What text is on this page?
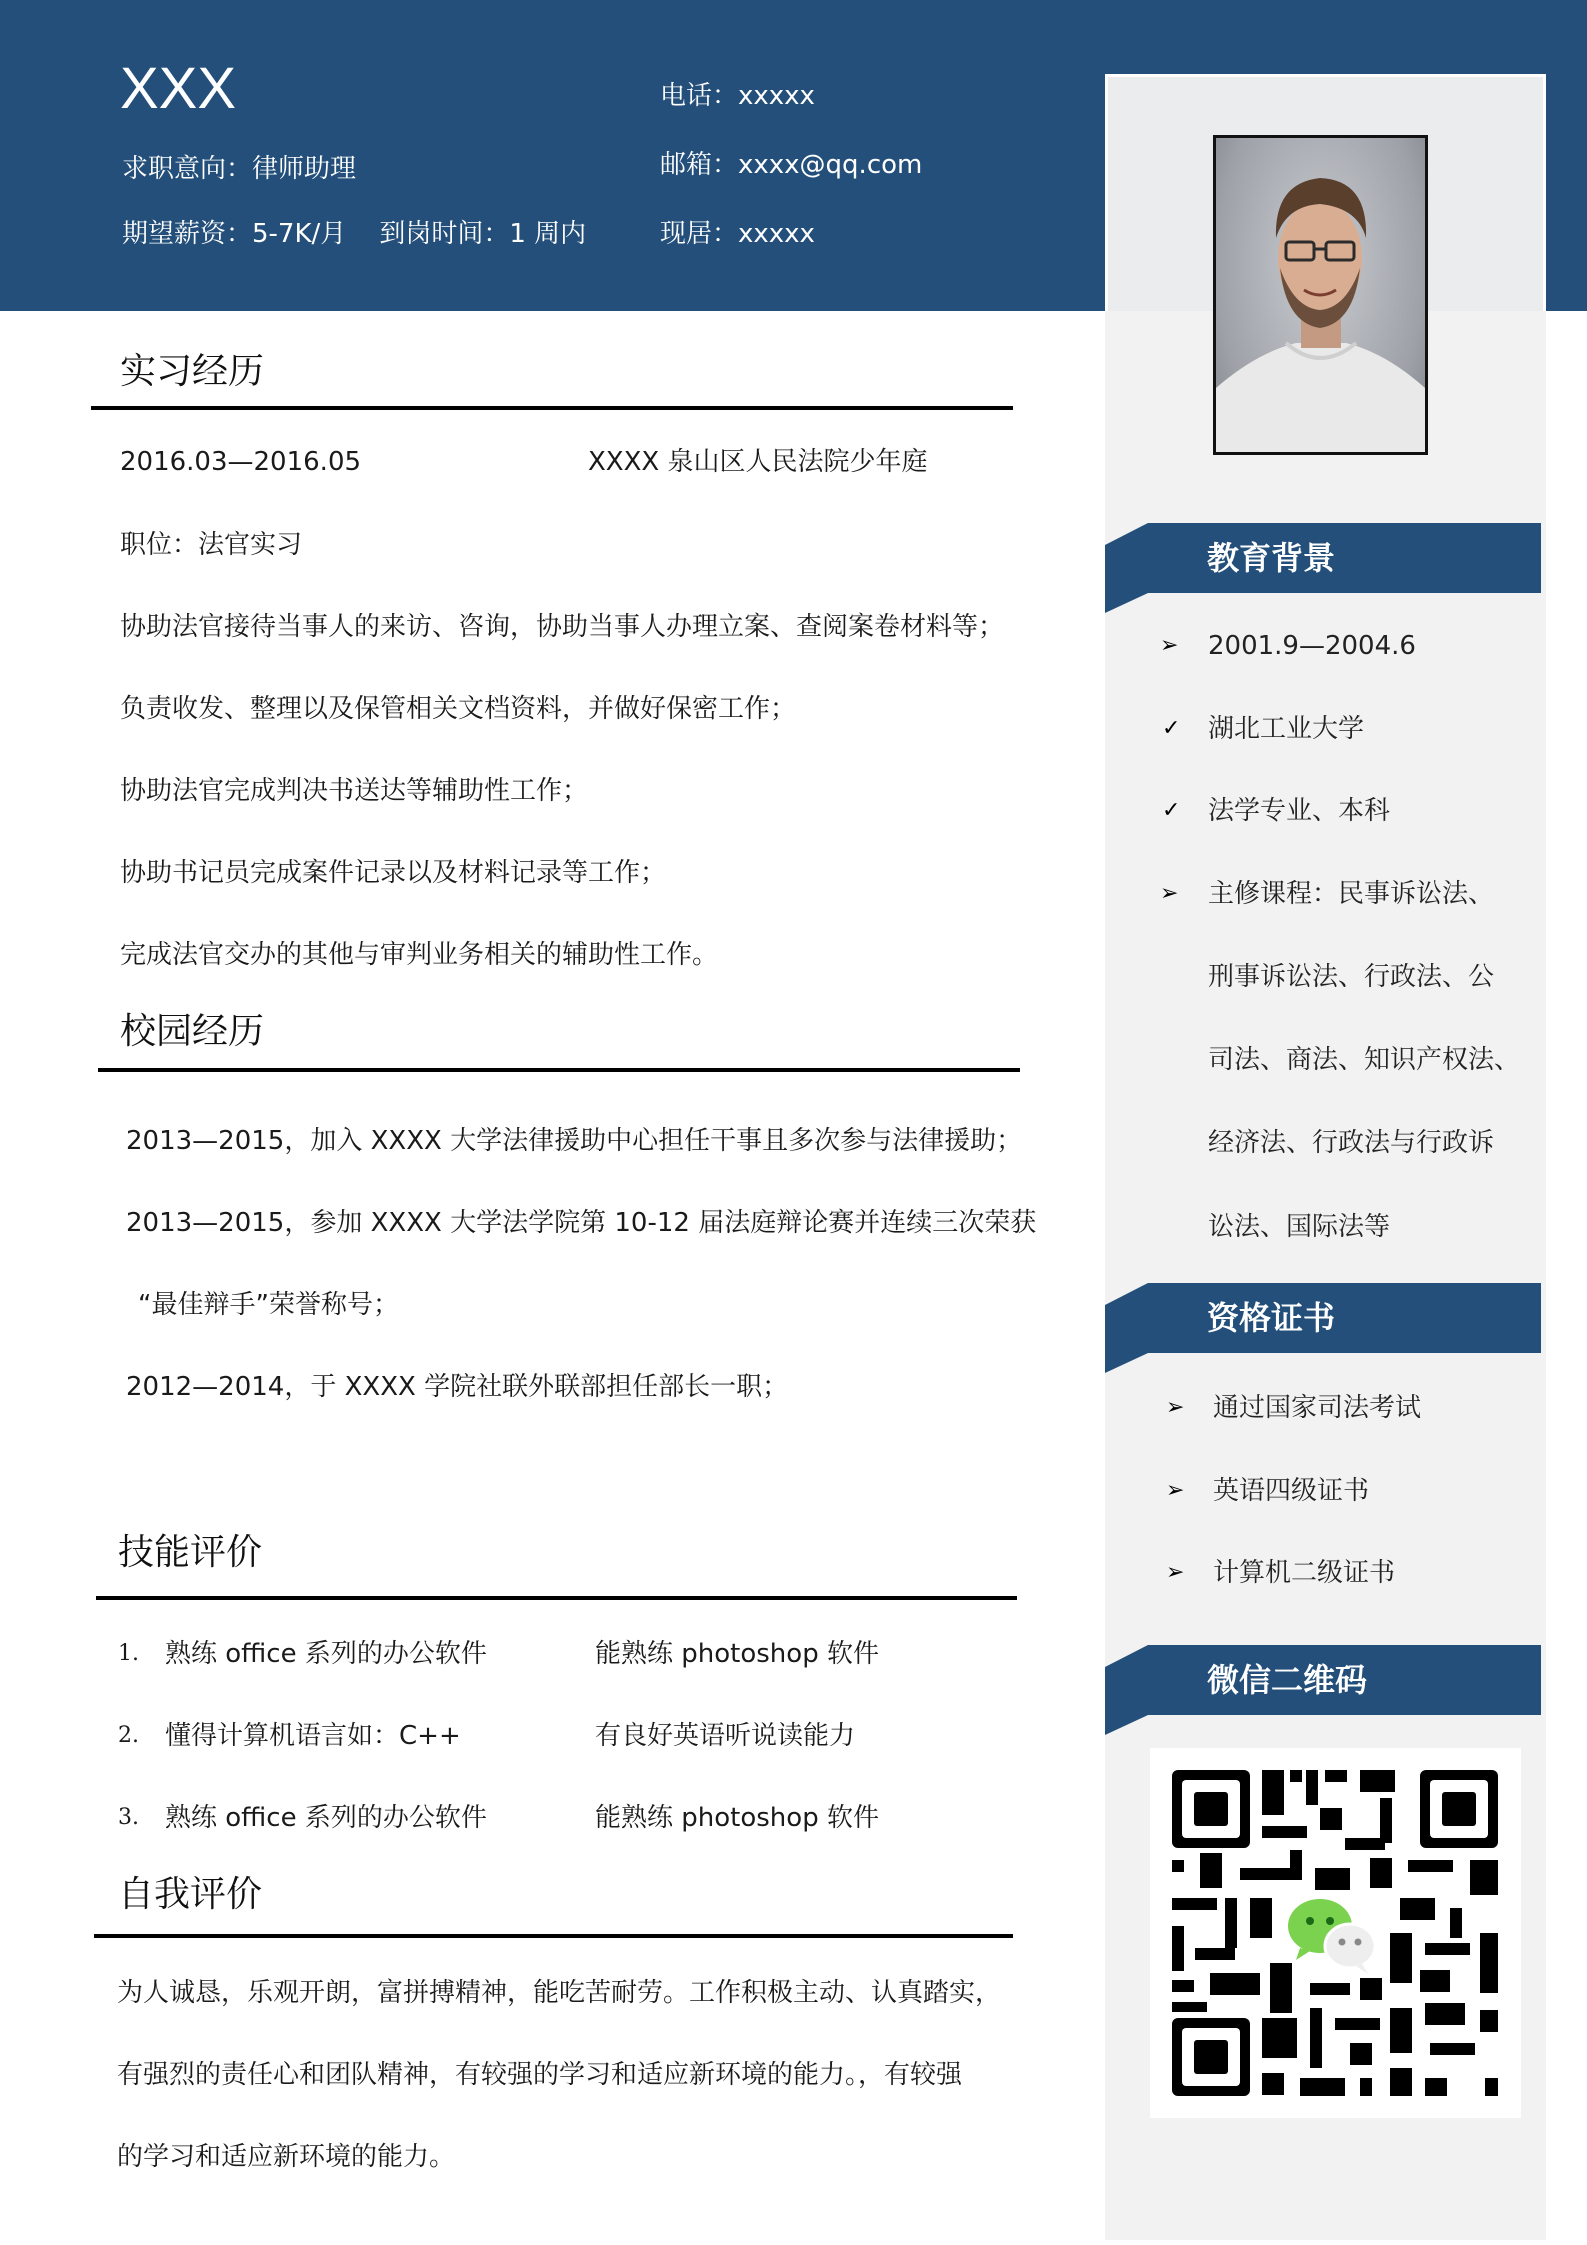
XXX
求职意向：律师助理
期望薪资：5-7K/月    到岗时间：1 周内
电话：xxxxx
邮箱：xxxx@qq.com
现居：xxxxx
实习经历
2016.03—2016.05	XXXX 泉山区人民法院少年庭
职位：法官实习
协助法官接待当事人的来访、咨询，协助当事人办理立案、查阅案卷材料等；
负责收发、整理以及保管相关文档资料，并做好保密工作；
协助法官完成判决书送达等辅助性工作；
协助书记员完成案件记录以及材料记录等工作；
完成法官交办的其他与审判业务相关的辅助性工作。
校园经历
2013—2015，加入 XXXX 大学法律援助中心担任干事且多次参与法律援助；
2013—2015，参加 XXXX 大学法学院第 10-12 届法庭辩论赛并连续三次荣获
“最佳辩手”荣誉称号；
2012—2014，于 XXXX 学院社联外联部担任部长一职；
技能评价
1. 熟练 office 系列的办公软件	能熟练 photoshop 软件
2. 懂得计算机语言如：C++	有良好英语听说读能力
3. 熟练 office 系列的办公软件	能熟练 photoshop 软件
自我评价
为人诚恳，乐观开朗，富拼搏精神，能吃苦耐劳。工作积极主动、认真踏实，
有强烈的责任心和团队精神，有较强的学习和适应新环境的能力。，有较强
的学习和适应新环境的能力。
教育背景
➢ 2001.9—2004.6
✓ 湖北工业大学
✓ 法学专业、本科
➢ 主修课程：民事诉讼法、
刑事诉讼法、行政法、公
司法、商法、知识产权法、
经济法、行政法与行政诉
讼法、国际法等
资格证书
➢ 通过国家司法考试
➢ 英语四级证书
➢ 计算机二级证书
微信二维码
